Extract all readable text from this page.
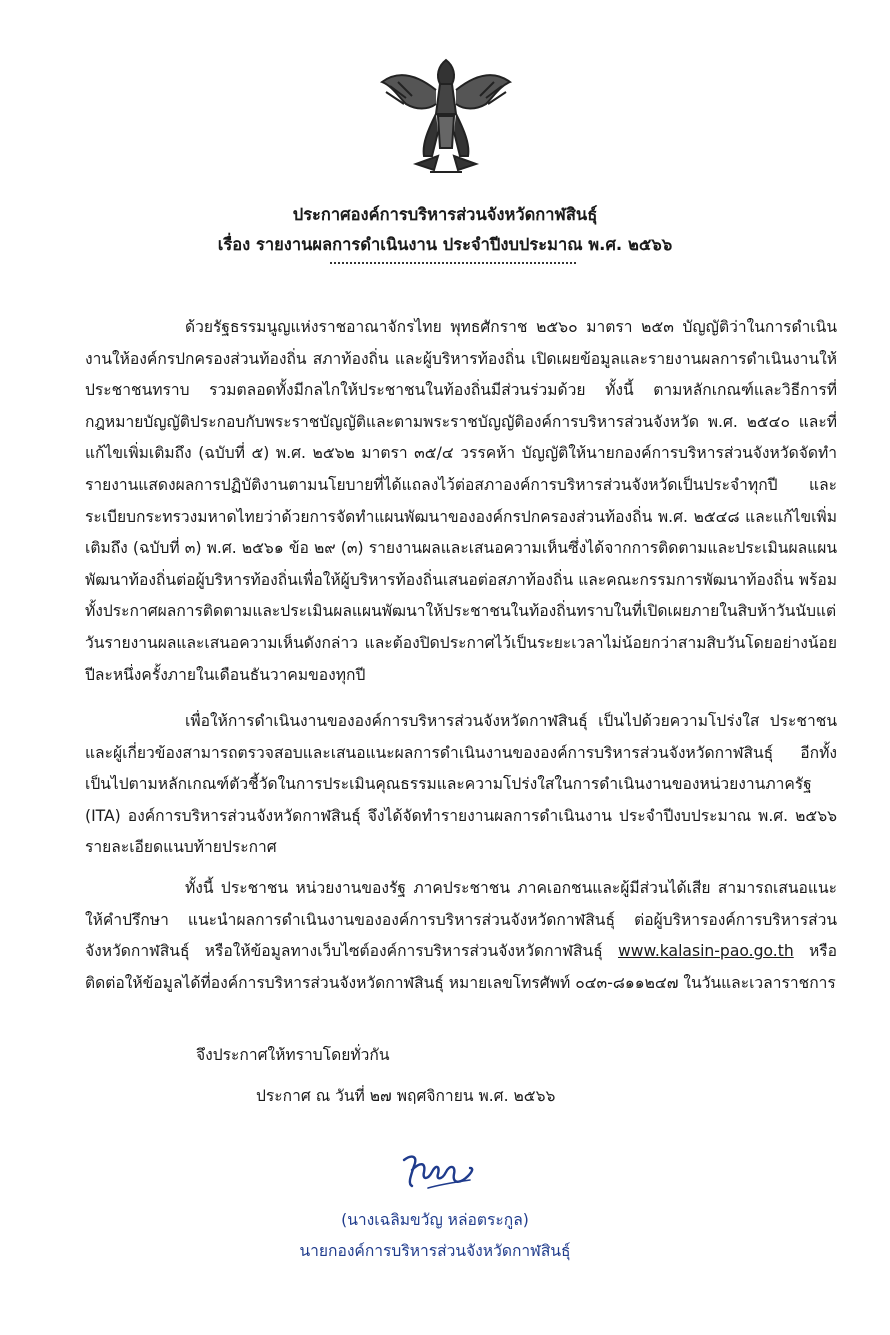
ประกาศองค์การบริหารส่วนจังหวัดกาฬสินธุ์
เรื่อง รายงานผลการดำเนินงาน ประจำปีงบประมาณ พ.ศ. ๒๕๖๖

ด้วยรัฐธรรมนูญแห่งราชอาณาจักรไทย พุทธศักราช ๒๕๖๐ มาตรา ๒๕๓ บัญญัติว่าในการดำเนินงานให้องค์กรปกครองส่วนท้องถิ่น สภาท้องถิ่น และผู้บริหารท้องถิ่น เปิดเผยข้อมูลและรายงานผลการดำเนินงานให้ประชาชนทราบ รวมตลอดทั้งมีกลไกให้ประชาชนในท้องถิ่นมีส่วนร่วมด้วย ทั้งนี้ ตามหลักเกณฑ์และวิธีการที่กฎหมายบัญญัติประกอบกับพระราชบัญญัติและตามพระราชบัญญัติองค์การบริหารส่วนจังหวัด พ.ศ. ๒๕๔๐ และที่แก้ไขเพิ่มเติมถึง (ฉบับที่ ๕) พ.ศ. ๒๕๖๒ มาตรา ๓๕/๔ วรรคห้า บัญญัติให้นายกองค์การบริหารส่วนจังหวัดจัดทำรายงานแสดงผลการปฏิบัติงานตามนโยบายที่ได้แถลงไว้ต่อสภาองค์การบริหารส่วนจังหวัดเป็นประจำทุกปี และระเบียบกระทรวงมหาดไทยว่าด้วยการจัดทำแผนพัฒนาขององค์กรปกครองส่วนท้องถิ่น พ.ศ. ๒๕๔๘ และแก้ไขเพิ่มเติมถึง (ฉบับที่ ๓) พ.ศ. ๒๕๖๑ ข้อ ๒๙ (๓) รายงานผลและเสนอความเห็นซึ่งได้จากการติดตามและประเมินผลแผนพัฒนาท้องถิ่นต่อผู้บริหารท้องถิ่นเพื่อให้ผู้บริหารท้องถิ่นเสนอต่อสภาท้องถิ่น และคณะกรรมการพัฒนาท้องถิ่น พร้อมทั้งประกาศผลการติดตามและประเมินผลแผนพัฒนาให้ประชาชนในท้องถิ่นทราบในที่เปิดเผยภายในสิบห้าวันนับแต่วันรายงานผลและเสนอความเห็นดังกล่าว และต้องปิดประกาศไว้เป็นระยะเวลาไม่น้อยกว่าสามสิบวันโดยอย่างน้อยปีละหนึ่งครั้งภายในเดือนธันวาคมของทุกปี

เพื่อให้การดำเนินงานขององค์การบริหารส่วนจังหวัดกาฬสินธุ์ เป็นไปด้วยความโปร่งใส ประชาชนและผู้เกี่ยวข้องสามารถตรวจสอบและเสนอแนะผลการดำเนินงานขององค์การบริหารส่วนจังหวัดกาฬสินธุ์ อีกทั้งเป็นไปตามหลักเกณฑ์ตัวชี้วัดในการประเมินคุณธรรมและความโปร่งใสในการดำเนินงานของหน่วยงานภาครัฐ (ITA) องค์การบริหารส่วนจังหวัดกาฬสินธุ์ จึงได้จัดทำรายงานผลการดำเนินงาน ประจำปีงบประมาณ พ.ศ. ๒๕๖๖ รายละเอียดแนบท้ายประกาศ

ทั้งนี้ ประชาชน หน่วยงานของรัฐ ภาคประชาชน ภาคเอกชนและผู้มีส่วนได้เสีย สามารถเสนอแนะ ให้คำปรึกษา แนะนำผลการดำเนินงานขององค์การบริหารส่วนจังหวัดกาฬสินธุ์ ต่อผู้บริหารองค์การบริหารส่วนจังหวัดกาฬสินธุ์ หรือให้ข้อมูลทางเว็บไซต์องค์การบริหารส่วนจังหวัดกาฬสินธุ์ www.kalasin-pao.go.th หรือติดต่อให้ข้อมูลได้ที่องค์การบริหารส่วนจังหวัดกาฬสินธุ์ หมายเลขโทรศัพท์ ๐๔๓-๘๑๑๒๔๗ ในวันและเวลาราชการ

จึงประกาศให้ทราบโดยทั่วกัน
ประกาศ ณ วันที่ ๒๗ พฤศจิกายน พ.ศ. ๒๕๖๖
(นางเฉลิมขวัญ หล่อตระกูล)
นายกองค์การบริหารส่วนจังหวัดกาฬสินธุ์
